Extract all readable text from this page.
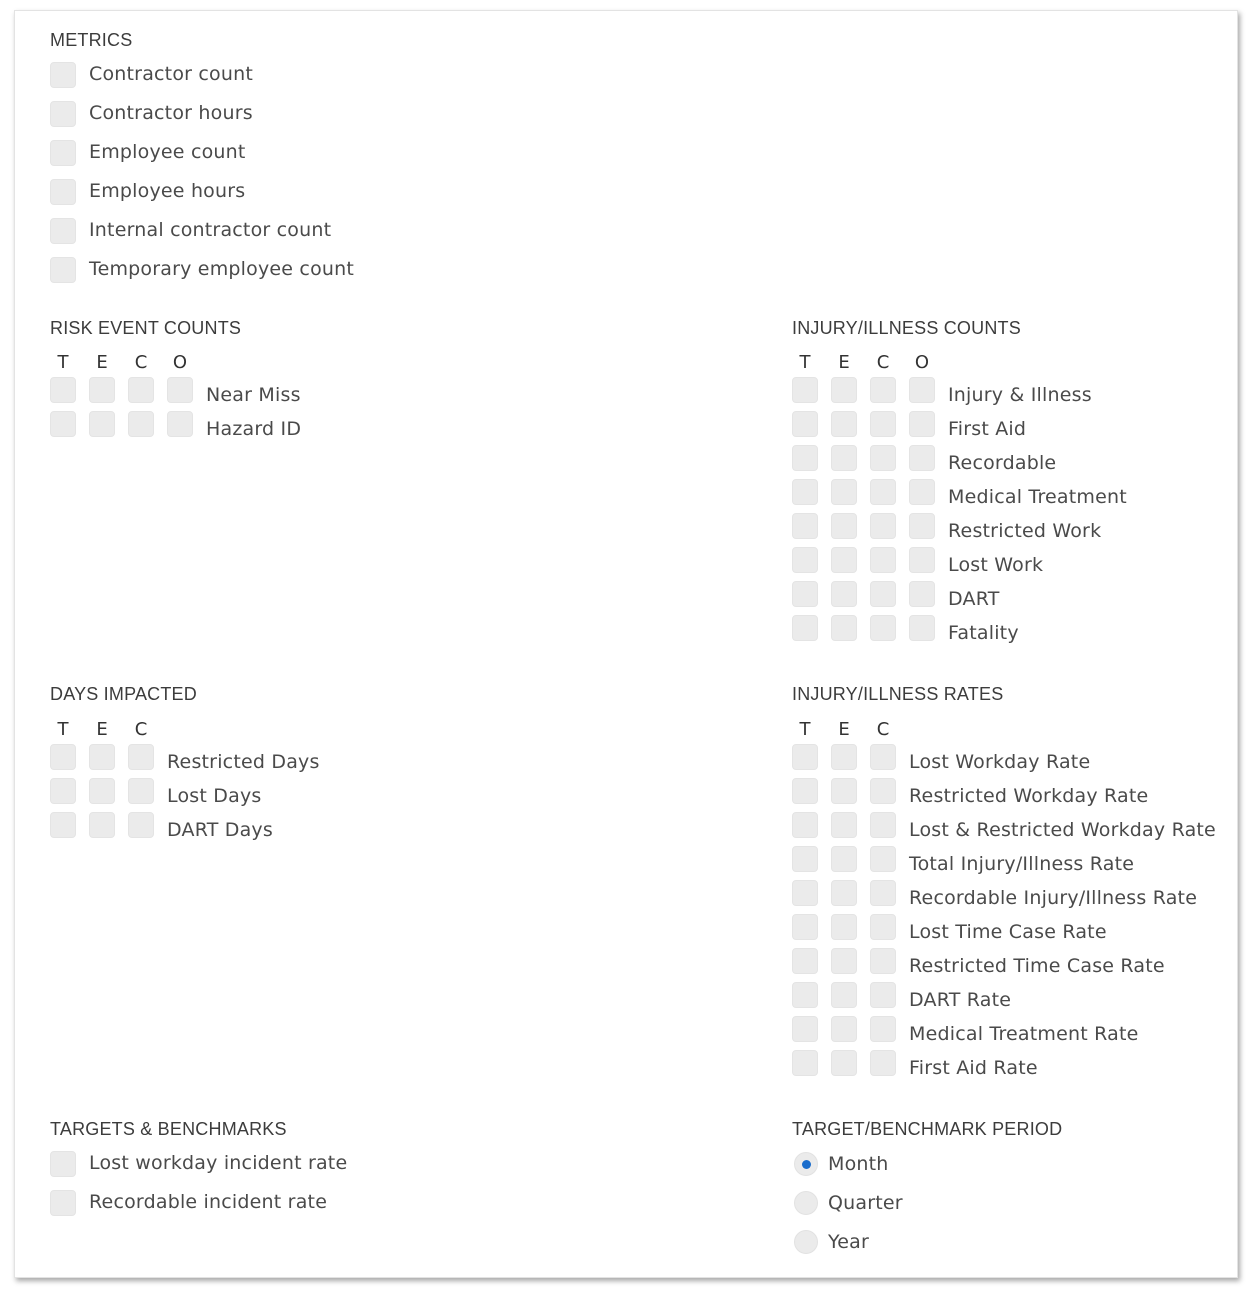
METRICS
Contractor count
Contractor hours
Employee count
Employee hours
Internal contractor count
Temporary employee count
RISK EVENT COUNTS
T	E	C	O
Near Miss
Hazard ID
INJURY/ILLNESS COUNTS
T	E	C	O
Injury & Illness
First Aid
Recordable
Medical Treatment
Restricted Work
Lost Work
DART
Fatality
DAYS IMPACTED
T	E	C
Restricted Days
Lost Days
DART Days
INJURY/ILLNESS RATES
T	E	C
Lost Workday Rate
Restricted Workday Rate
Lost & Restricted Workday Rate
Total Injury/Illness Rate
Recordable Injury/Illness Rate
Lost Time Case Rate
Restricted Time Case Rate
DART Rate
Medical Treatment Rate
First Aid Rate
TARGETS & BENCHMARKS
Lost workday incident rate
Recordable incident rate
TARGET/BENCHMARK PERIOD
Month
Quarter
Year
